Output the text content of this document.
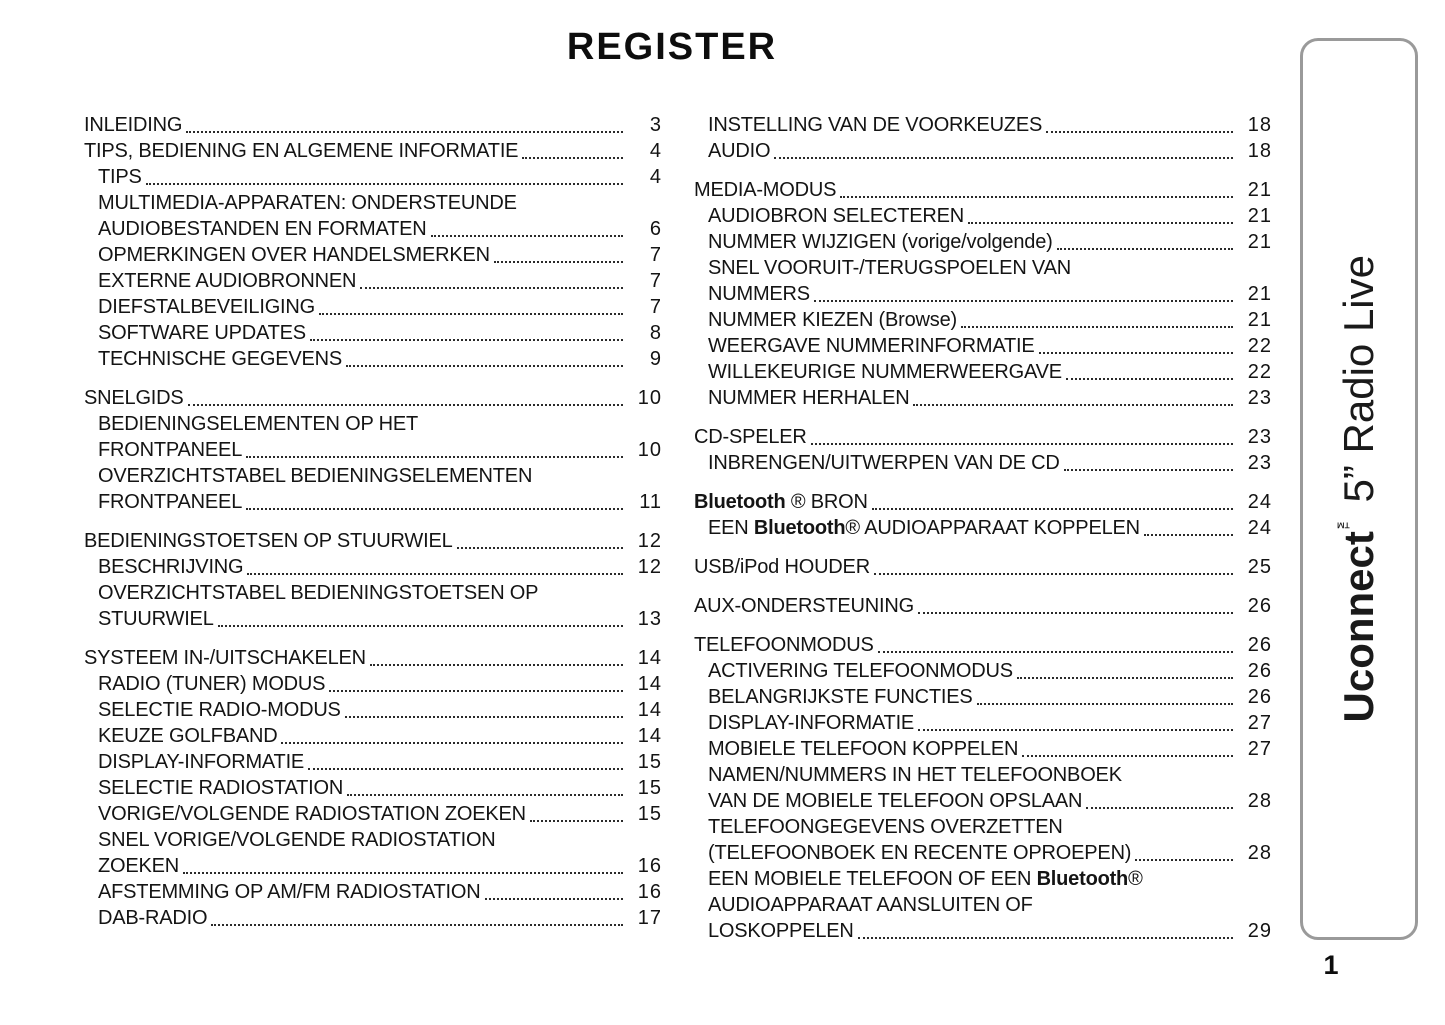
REGISTER
INLEIDING	3
TIPS, BEDIENING EN ALGEMENE INFORMATIE	4
TIPS	4
MULTIMEDIA-APPARATEN: ONDERSTEUNDE
AUDIOBESTANDEN EN FORMATEN	6
OPMERKINGEN OVER HANDELSMERKEN	7
EXTERNE AUDIOBRONNEN	7
DIEFSTALBEVEILIGING	7
SOFTWARE UPDATES	8
TECHNISCHE GEGEVENS	9
SNELGIDS	10
BEDIENINGSELEMENTEN OP HET
FRONTPANEEL	10
OVERZICHTSTABEL BEDIENINGSELEMENTEN
FRONTPANEEL	11
BEDIENINGSTOETSEN OP STUURWIEL	12
BESCHRIJVING	12
OVERZICHTSTABEL BEDIENINGSTOETSEN OP
STUURWIEL	13
SYSTEEM IN-/UITSCHAKELEN	14
RADIO (TUNER) MODUS	14
SELECTIE RADIO-MODUS	14
KEUZE GOLFBAND	14
DISPLAY-INFORMATIE	15
SELECTIE RADIOSTATION	15
VORIGE/VOLGENDE RADIOSTATION ZOEKEN	15
SNEL VORIGE/VOLGENDE RADIOSTATION
ZOEKEN	16
AFSTEMMING OP AM/FM RADIOSTATION	16
DAB-RADIO	17
INSTELLING VAN DE VOORKEUZES	18
AUDIO	18
MEDIA-MODUS	21
AUDIOBRON SELECTEREN	21
NUMMER WIJZIGEN (vorige/volgende)	21
SNEL VOORUIT-/TERUGSPOELEN VAN
NUMMERS	21
NUMMER KIEZEN (Browse)	21
WEERGAVE NUMMERINFORMATIE	22
WILLEKEURIGE NUMMERWEERGAVE	22
NUMMER HERHALEN	23
CD-SPELER	23
INBRENGEN/UITWERPEN VAN DE CD	23
Bluetooth ® BRON	24
EEN Bluetooth® AUDIOAPPARAAT KOPPELEN	24
USB/iPod HOUDER	25
AUX-ONDERSTEUNING	26
TELEFOONMODUS	26
ACTIVERING TELEFOONMODUS	26
BELANGRIJKSTE FUNCTIES	26
DISPLAY-INFORMATIE	27
MOBIELE TELEFOON KOPPELEN	27
NAMEN/NUMMERS IN HET TELEFOONBOEK
VAN DE MOBIELE TELEFOON OPSLAAN	28
TELEFOONGEGEVENS OVERZETTEN
(TELEFOONBOEK EN RECENTE OPROEPEN)	28
EEN MOBIELE TELEFOON OF EEN Bluetooth®
AUDIOAPPARAAT AANSLUITEN OF
LOSKOPPELEN	29
Uconnect™ 5” Radio Live
1
